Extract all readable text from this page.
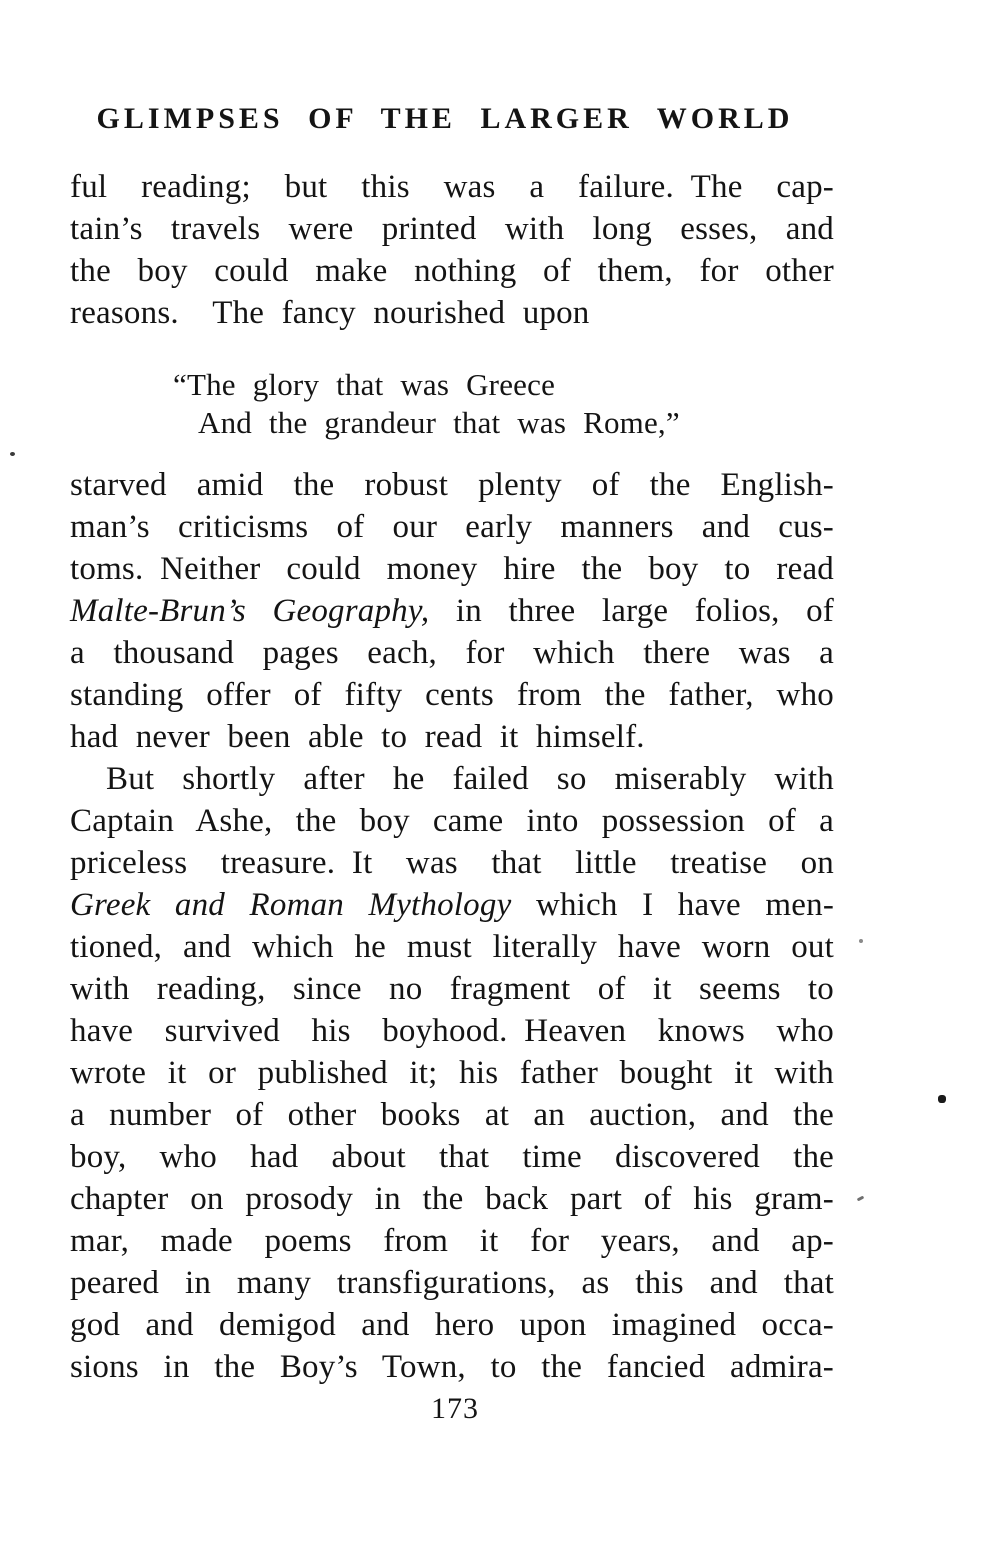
GLIMPSES OF THE LARGER WORLD
ful reading; but this was a failure. The cap-
tain’s travels were printed with long esses, and
the boy could make nothing of them, for other
reasons.  The fancy nourished upon
“The glory that was Greece
And the grandeur that was Rome,”
starved amid the robust plenty of the English-
man’s criticisms of our early manners and cus-
toms. Neither could money hire the boy to read
Malte-Brun’s Geography, in three large folios, of
a thousand pages each, for which there was a
standing offer of fifty cents from the father, who
had never been able to read it himself.
But shortly after he failed so miserably with
Captain Ashe, the boy came into possession of a
priceless treasure. It was that little treatise on
Greek and Roman Mythology which I have men-
tioned, and which he must literally have worn out
with reading, since no fragment of it seems to
have survived his boyhood. Heaven knows who
wrote it or published it; his father bought it with
a number of other books at an auction, and the
boy, who had about that time discovered the
chapter on prosody in the back part of his gram-
mar, made poems from it for years, and ap-
peared in many transfigurations, as this and that
god and demigod and hero upon imagined occa-
sions in the Boy’s Town, to the fancied admira-
173
